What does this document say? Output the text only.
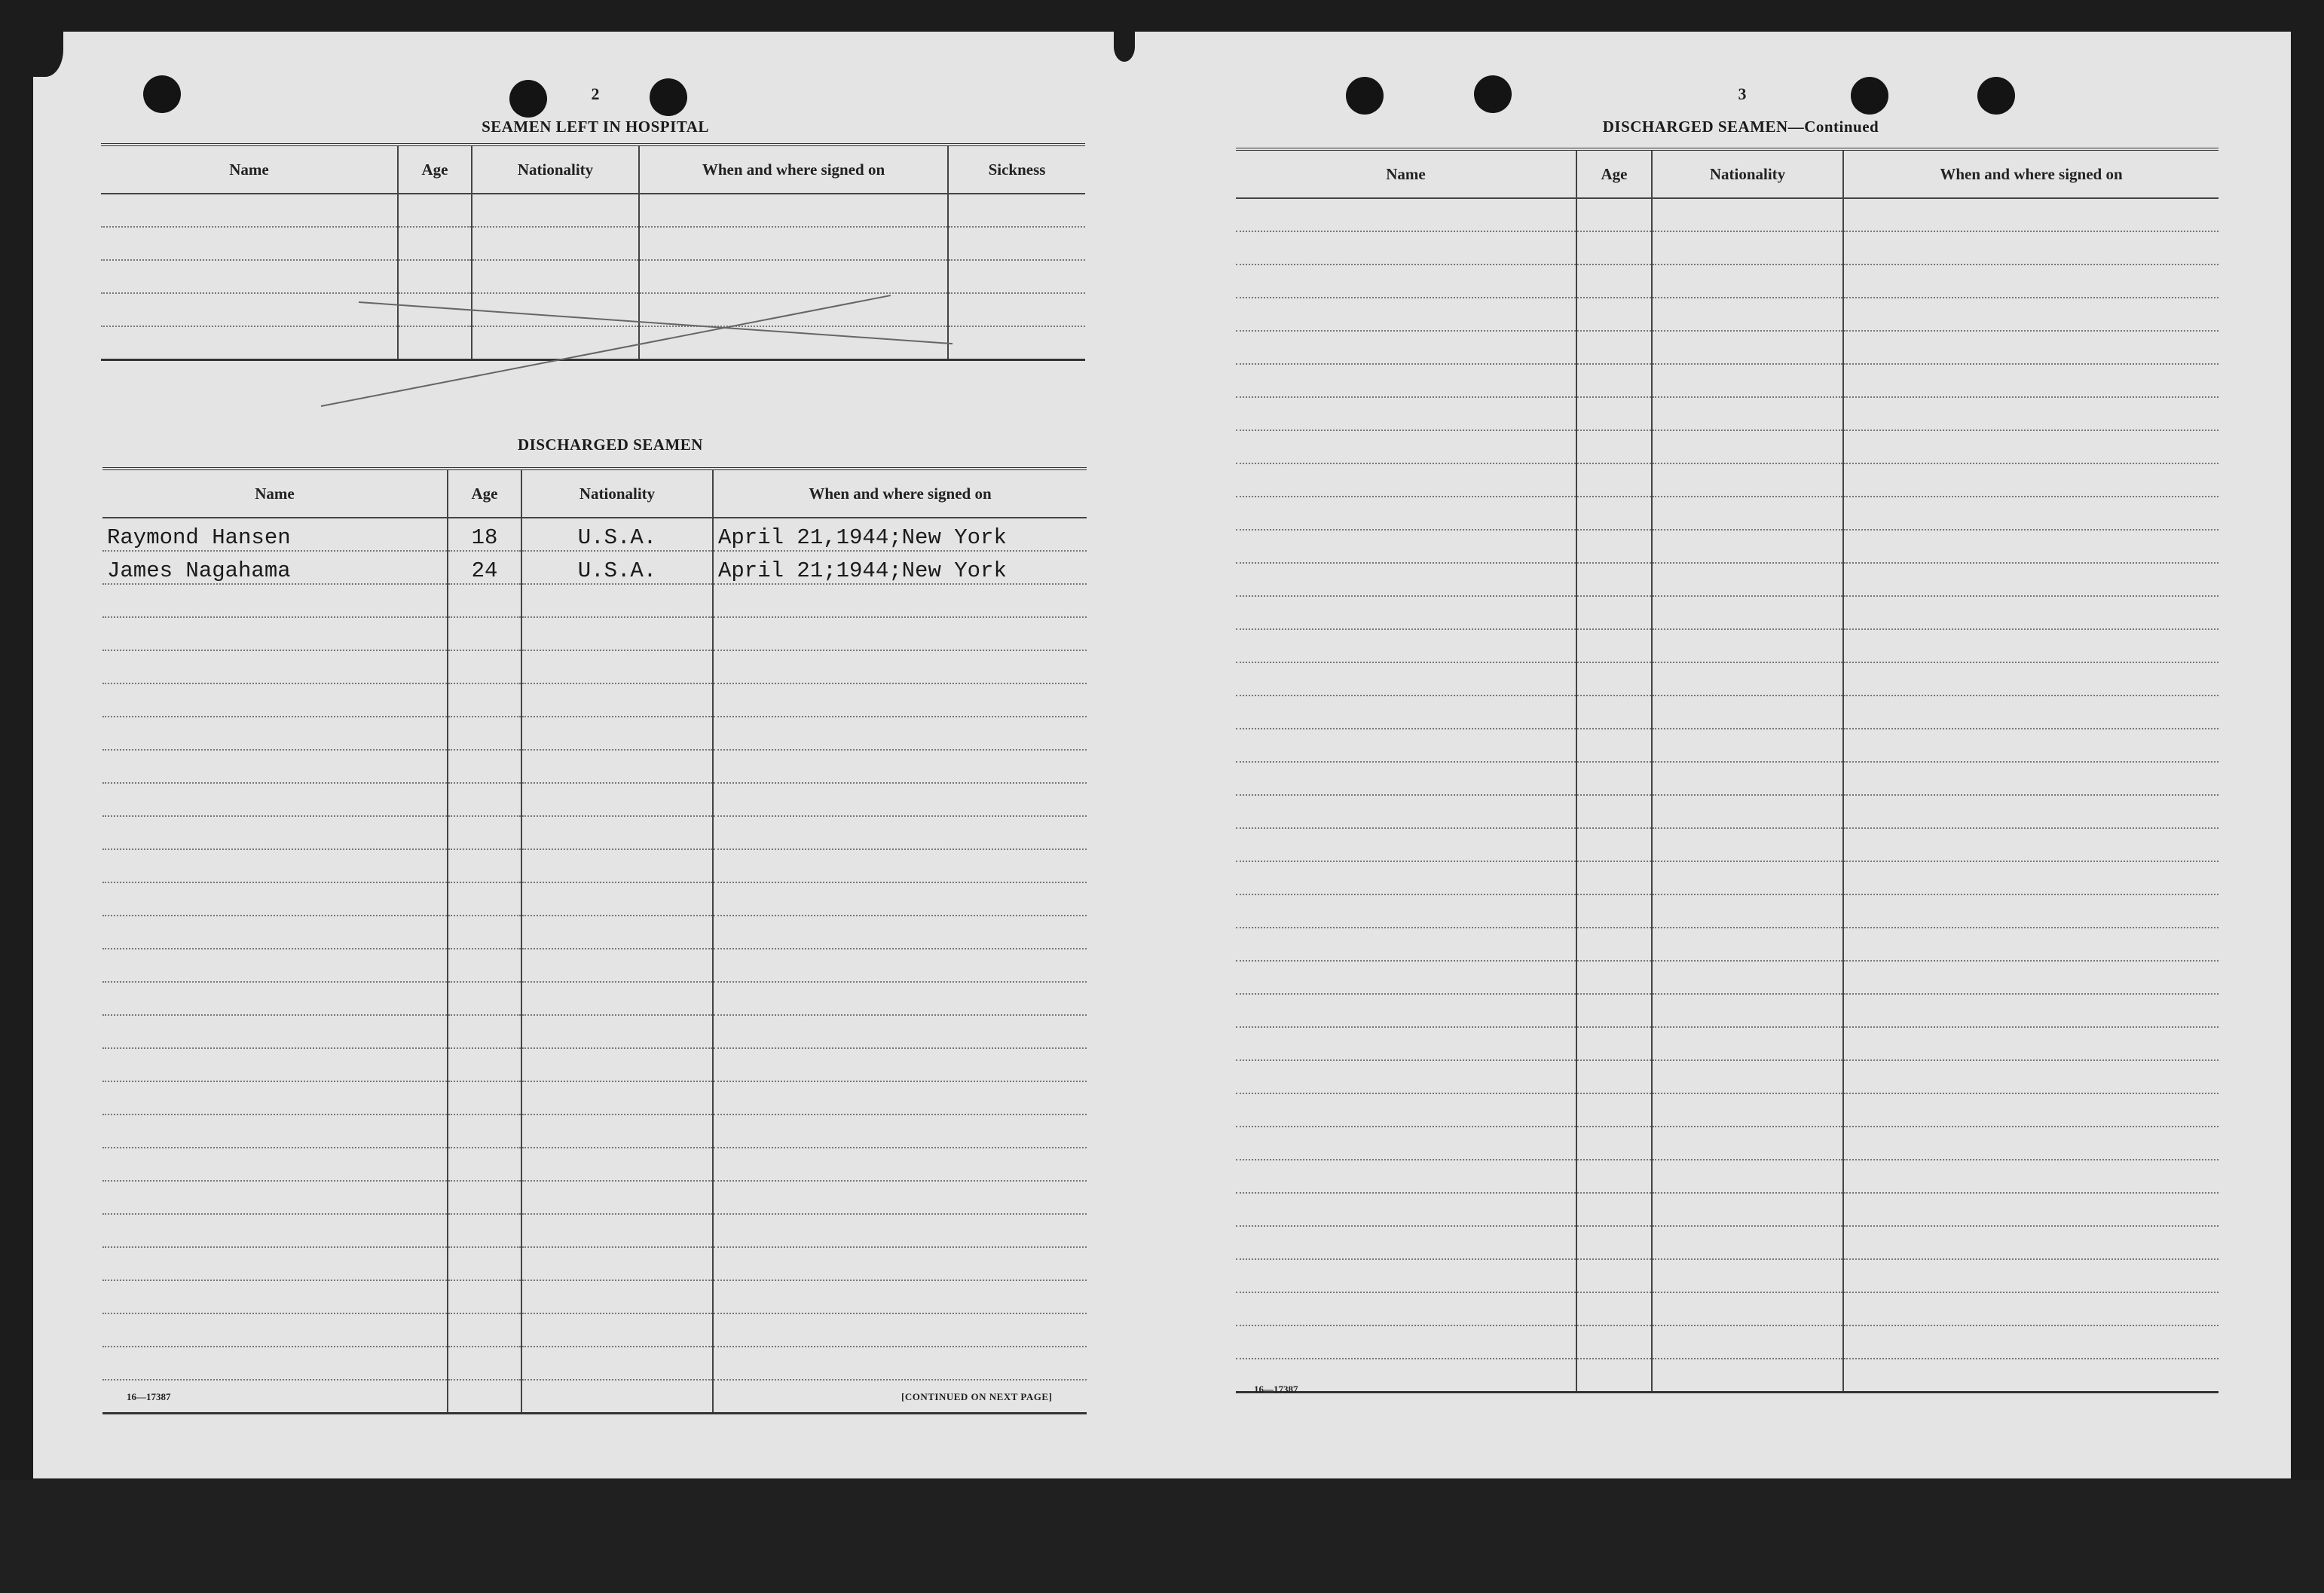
2
SEAMEN LEFT IN HOSPITAL
Name	Age	Nationality	When and where signed on	Sickness

DISCHARGED SEAMEN
Name	Age	Nationality	When and where signed on
Raymond Hansen	18	U.S.A.	April 21,1944;New York
James Nagahama	24	U.S.A.	April 21;1944;New York

16—17387	[CONTINUED ON NEXT PAGE]
3
DISCHARGED SEAMEN—Continued
Name	Age	Nationality	When and where signed on

16—17387
